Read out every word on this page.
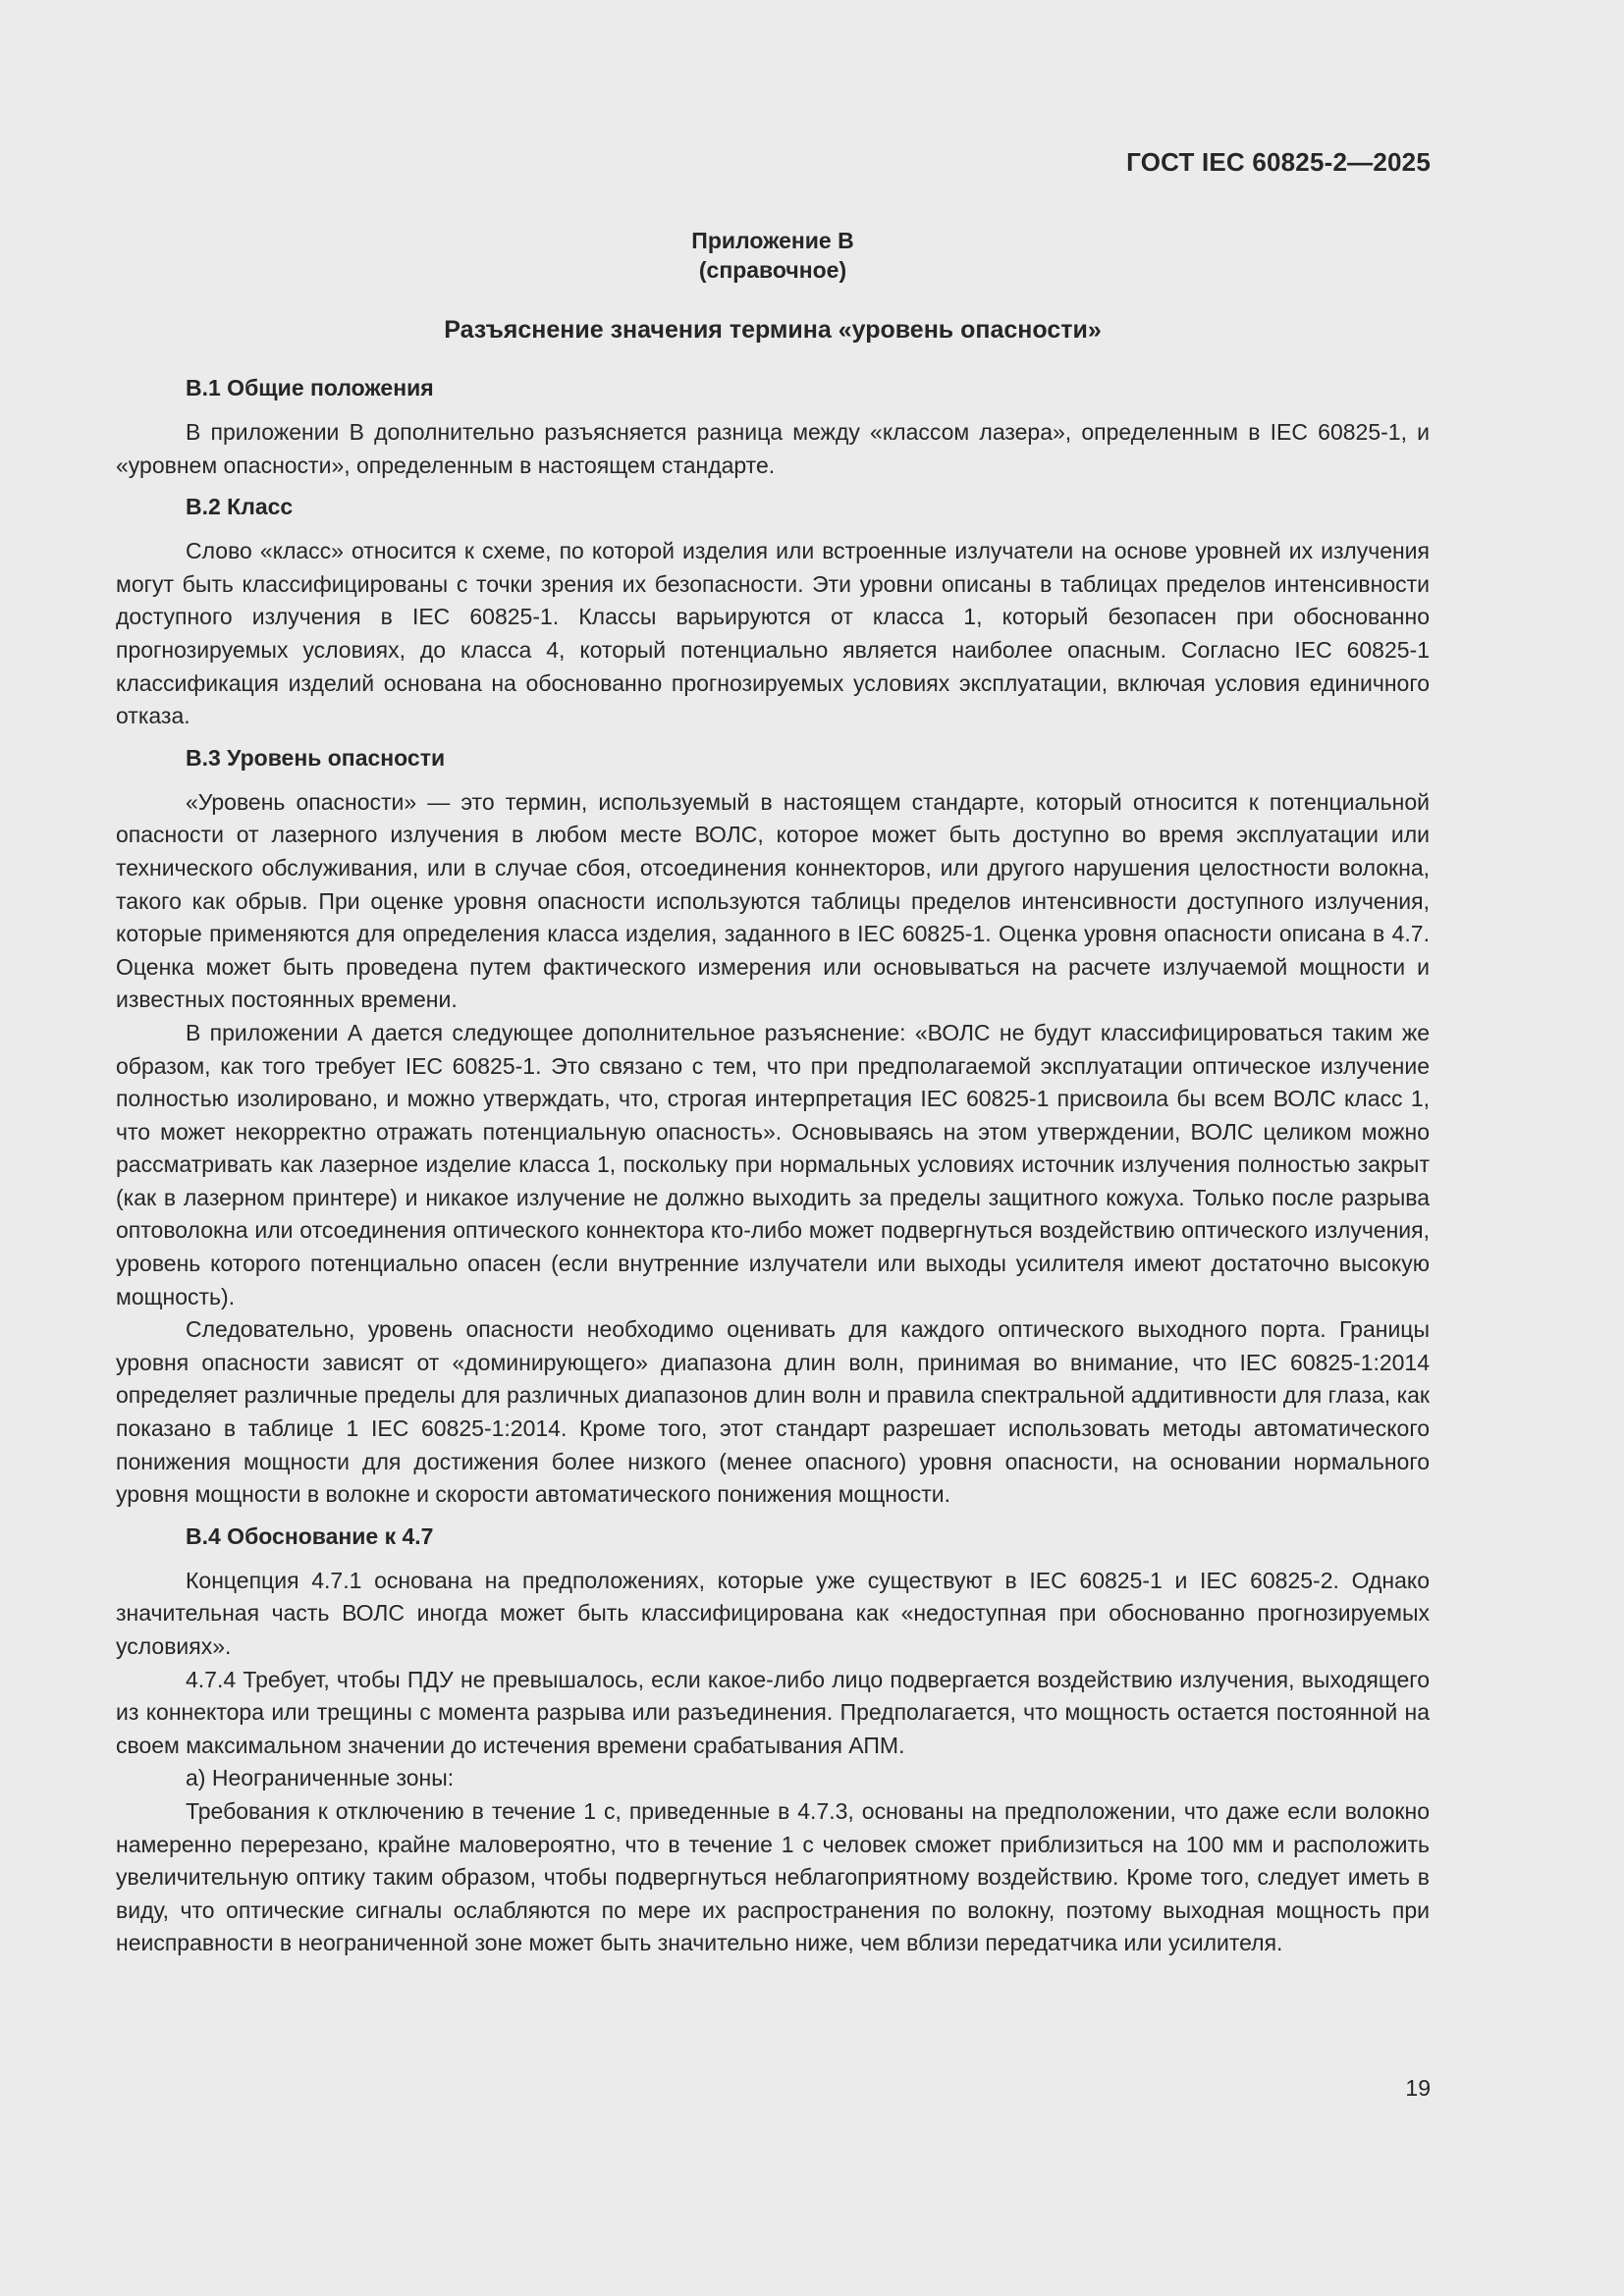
ГОСТ IEC 60825-2—2025
Приложение В
(справочное)
Разъяснение значения термина «уровень опасности»
В.1 Общие положения

В приложении В дополнительно разъясняется разница между «классом лазера», определенным в IEC 60825-1, и «уровнем опасности», определенным в настоящем стандарте.

В.2 Класс

Слово «класс» относится к схеме, по которой изделия или встроенные излучатели на основе уровней их излучения могут быть классифицированы с точки зрения их безопасности. Эти уровни описаны в таблицах пределов интенсивности доступного излучения в IEC 60825-1. Классы варьируются от класса 1, который безопасен при обоснованно прогнозируемых условиях, до класса 4, который потенциально является наиболее опасным. Согласно IEC 60825-1 классификация изделий основана на обоснованно прогнозируемых условиях эксплуатации, включая условия единичного отказа.

В.3 Уровень опасности

«Уровень опасности» — это термин, используемый в настоящем стандарте, который относится к потенциальной опасности от лазерного излучения в любом месте ВОЛС, которое может быть доступно во время эксплуатации или технического обслуживания, или в случае сбоя, отсоединения коннекторов, или другого нарушения целостности волокна, такого как обрыв. При оценке уровня опасности используются таблицы пределов интенсивности доступного излучения, которые применяются для определения класса изделия, заданного в IEC 60825-1. Оценка уровня опасности описана в 4.7. Оценка может быть проведена путем фактического измерения или основываться на расчете излучаемой мощности и известных постоянных времени.

В приложении А дается следующее дополнительное разъяснение: «ВОЛС не будут классифицироваться таким же образом, как того требует IEC 60825-1. Это связано с тем, что при предполагаемой эксплуатации оптическое излучение полностью изолировано, и можно утверждать, что, строгая интерпретация IEC 60825-1 присвоила бы всем ВОЛС класс 1, что может некорректно отражать потенциальную опасность». Основываясь на этом утверждении, ВОЛС целиком можно рассматривать как лазерное изделие класса 1, поскольку при нормальных условиях источник излучения полностью закрыт (как в лазерном принтере) и никакое излучение не должно выходить за пределы защитного кожуха. Только после разрыва оптоволокна или отсоединения оптического коннектора кто-либо может подвергнуться воздействию оптического излучения, уровень которого потенциально опасен (если внутренние излучатели или выходы усилителя имеют достаточно высокую мощность).

Следовательно, уровень опасности необходимо оценивать для каждого оптического выходного порта. Границы уровня опасности зависят от «доминирующего» диапазона длин волн, принимая во внимание, что IEC 60825-1:2014 определяет различные пределы для различных диапазонов длин волн и правила спектральной аддитивности для глаза, как показано в таблице 1 IEC 60825-1:2014. Кроме того, этот стандарт разрешает использовать методы автоматического понижения мощности для достижения более низкого (менее опасного) уровня опасности, на основании нормального уровня мощности в волокне и скорости автоматического понижения мощности.

В.4 Обоснование к 4.7

Концепция 4.7.1 основана на предположениях, которые уже существуют в IEC 60825-1 и IEC 60825-2. Однако значительная часть ВОЛС иногда может быть классифицирована как «недоступная при обоснованно прогнозируемых условиях».

4.7.4 Требует, чтобы ПДУ не превышалось, если какое-либо лицо подвергается воздействию излучения, выходящего из коннектора или трещины с момента разрыва или разъединения. Предполагается, что мощность остается постоянной на своем максимальном значении до истечения времени срабатывания АПМ.

а) Неограниченные зоны:

Требования к отключению в течение 1 с, приведенные в 4.7.3, основаны на предположении, что даже если волокно намеренно перерезано, крайне маловероятно, что в течение 1 с человек сможет приблизиться на 100 мм и расположить увеличительную оптику таким образом, чтобы подвергнуться неблагоприятному воздействию. Кроме того, следует иметь в виду, что оптические сигналы ослабляются по мере их распространения по волокну, поэтому выходная мощность при неисправности в неограниченной зоне может быть значительно ниже, чем вблизи передатчика или усилителя.

19
